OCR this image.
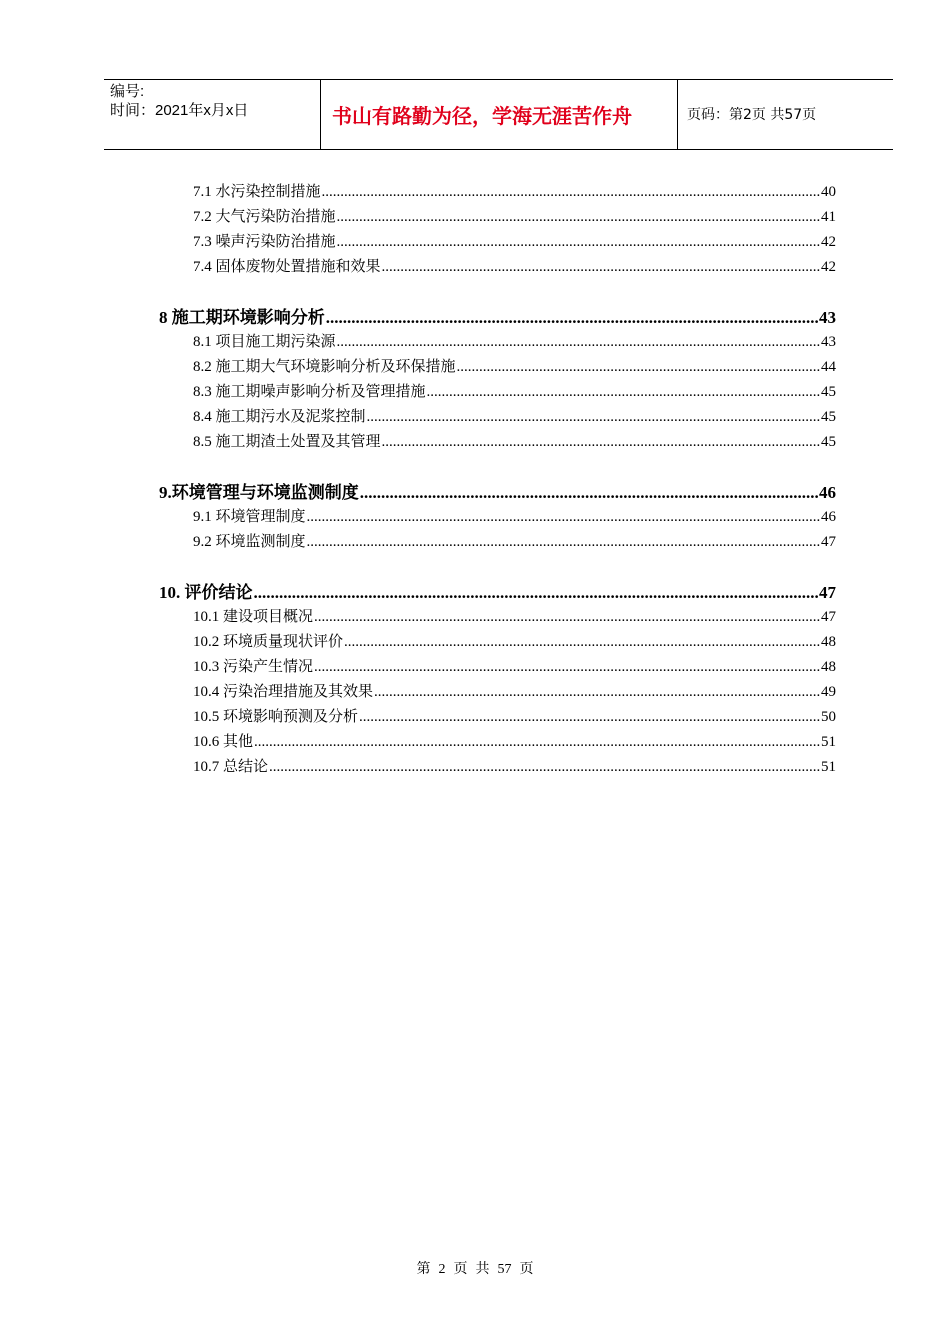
编号:
时间：2021年x月x日	书山有路勤为径，学海无涯苦作舟	页码：第2页 共57页
7.1 水污染控制措施 .....	40
7.2 大气污染防治措施 .....	41
7.3 噪声污染防治措施 .....	42
7.4 固体废物处置措施和效果 .....	42
8 施工期环境影响分析 .....	43
8.1 项目施工期污染源 .....	43
8.2 施工期大气环境影响分析及环保措施 .....	44
8.3 施工期噪声影响分析及管理措施 .....	45
8.4 施工期污水及泥浆控制 .....	45
8.5 施工期渣土处置及其管理 .....	45
9.环境管理与环境监测制度 .....	46
9.1 环境管理制度 .....	46
9.2 环境监测制度 .....	47
10. 评价结论 .....	47
10.1 建设项目概况 .....	47
10.2 环境质量现状评价 .....	48
10.3 污染产生情况 .....	48
10.4 污染治理措施及其效果 .....	49
10.5 环境影响预测及分析 .....	50
10.6 其他 .....	51
10.7 总结论 .....	51
第 2 页 共 57 页
